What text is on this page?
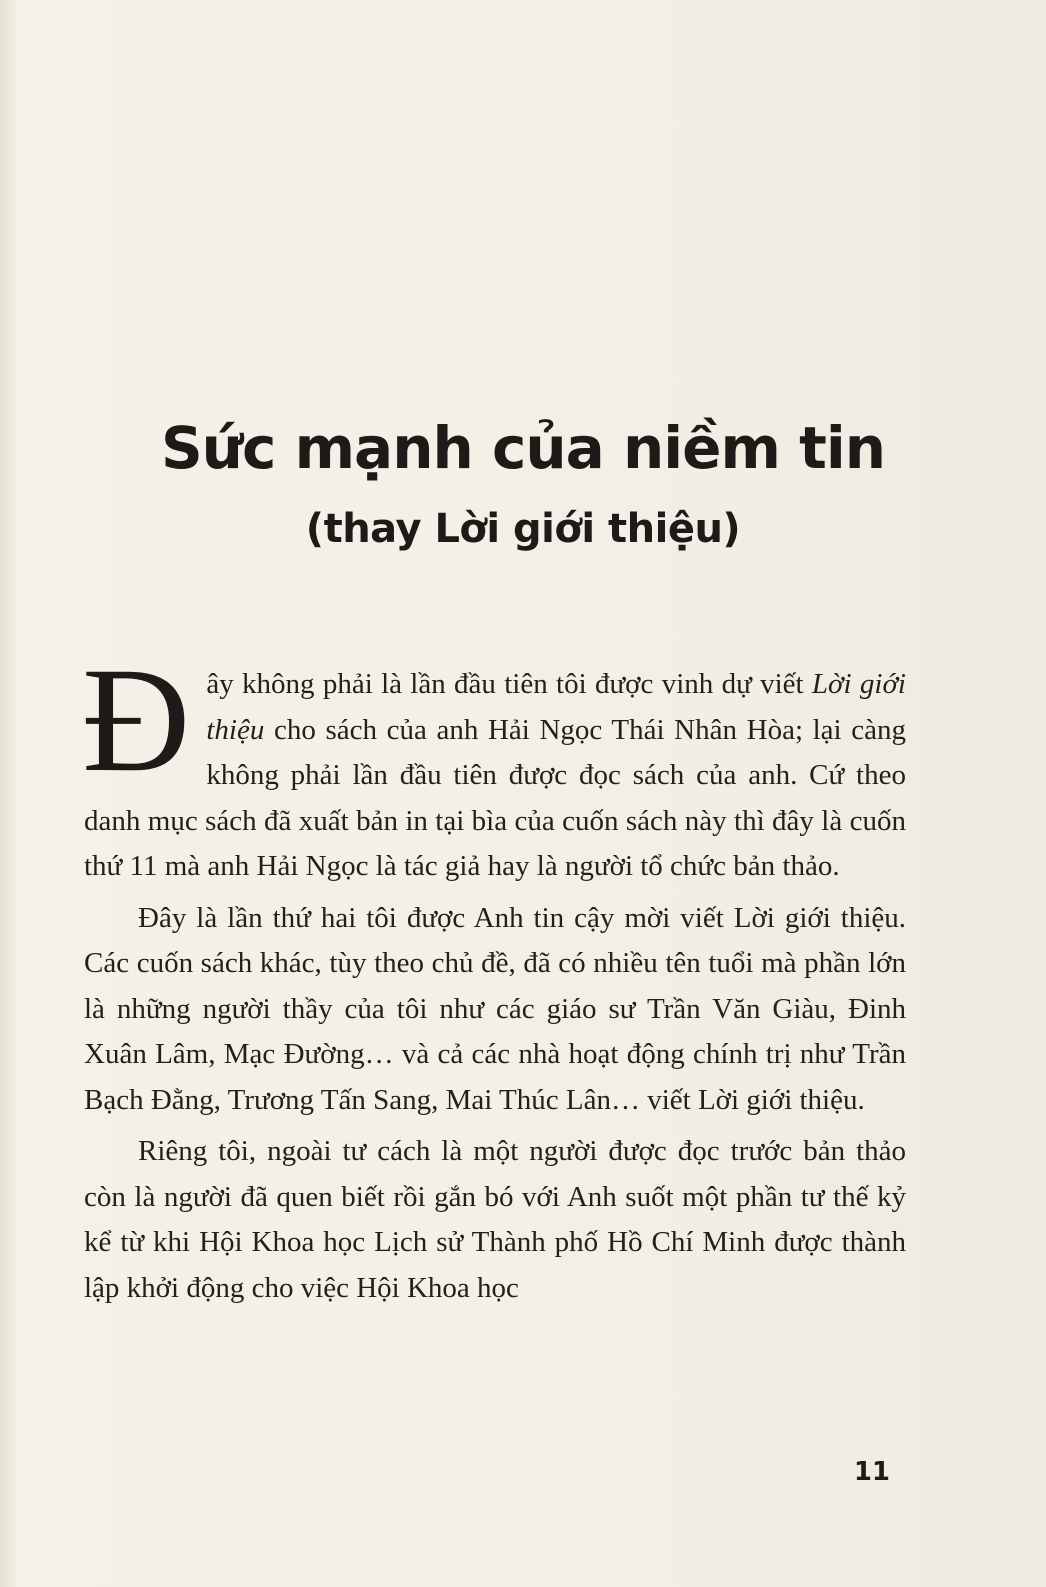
Sức mạnh của niềm tin
(thay Lời giới thiệu)

Đây không phải là lần đầu tiên tôi được vinh dự viết Lời giới thiệu cho sách của anh Hải Ngọc Thái Nhân Hòa; lại càng không phải lần đầu tiên được đọc sách của anh. Cứ theo danh mục sách đã xuất bản in tại bìa của cuốn sách này thì đây là cuốn thứ 11 mà anh Hải Ngọc là tác giả hay là người tổ chức bản thảo.

Đây là lần thứ hai tôi được Anh tin cậy mời viết Lời giới thiệu. Các cuốn sách khác, tùy theo chủ đề, đã có nhiều tên tuổi mà phần lớn là những người thầy của tôi như các giáo sư Trần Văn Giàu, Đinh Xuân Lâm, Mạc Đường… và cả các nhà hoạt động chính trị như Trần Bạch Đằng, Trương Tấn Sang, Mai Thúc Lân… viết Lời giới thiệu.

Riêng tôi, ngoài tư cách là một người được đọc trước bản thảo còn là người đã quen biết rồi gắn bó với Anh suốt một phần tư thế kỷ kể từ khi Hội Khoa học Lịch sử Thành phố Hồ Chí Minh được thành lập khởi động cho việc Hội Khoa học

11
